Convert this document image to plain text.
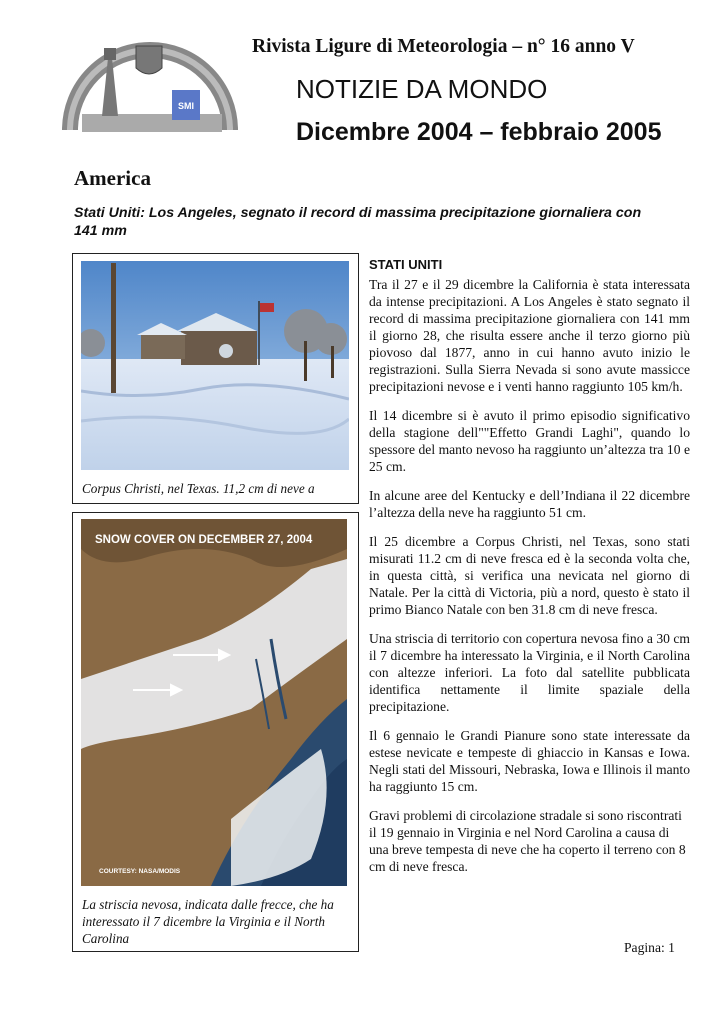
SMI
Rivista Ligure di Meteorologia – n° 16 anno V
NOTIZIE DA MONDO
Dicembre 2004 – febbraio 2005
America
Stati Uniti: Los Angeles, segnato il record di massima precipitazione giornaliera con 141 mm
Corpus Christi, nel Texas. 11,2 cm di neve a
SNOW COVER ON DECEMBER 27, 2004
COURTESY: NASA/MODIS
La striscia nevosa, indicata dalle frecce, che ha interessato il 7 dicembre la Virginia e il North Carolina
STATI UNITI

Tra il 27 e il 29 dicembre la California è stata interessata da intense precipitazioni. A Los Angeles è stato segnato il record di massima precipitazione giornaliera con 141 mm il giorno 28, che risulta essere anche il terzo giorno più piovoso dal 1877, anno in cui hanno avuto inizio le registrazioni. Sulla Sierra Nevada si sono avute massicce precipitazioni nevose e i venti hanno raggiunto 105 km/h.

Il 14 dicembre si è avuto il primo episodio significativo della stagione dell""Effetto Grandi Laghi", quando lo spessore del manto nevoso ha raggiunto un’altezza tra 10 e 25 cm.

In alcune aree del Kentucky e dell’Indiana il 22 dicembre l’altezza della neve ha raggiunto 51 cm.

Il 25 dicembre a Corpus Christi, nel Texas, sono stati misurati 11.2 cm di neve fresca ed è la seconda volta che, in questa città, si verifica una nevicata nel giorno di Natale. Per la città di Victoria, più a nord, questo è stato il primo Bianco Natale con ben 31.8 cm di neve fresca.

Una striscia di territorio con copertura nevosa fino a 30 cm il 7 dicembre ha interessato la Virginia, e il North Carolina con altezze inferiori. La foto dal satellite pubblicata identifica nettamente il limite spaziale della precipitazione.

Il 6 gennaio le Grandi Pianure sono state interessate da estese nevicate e tempeste di ghiaccio in Kansas e Iowa. Negli stati del Missouri, Nebraska, Iowa e Illinois il manto ha raggiunto 15 cm.

Gravi problemi di circolazione stradale si sono riscontrati il 19 gennaio in Virginia e nel Nord Carolina a causa di una breve tempesta di neve che ha coperto il terreno con 8 cm di neve fresca.

Pagina: 1
